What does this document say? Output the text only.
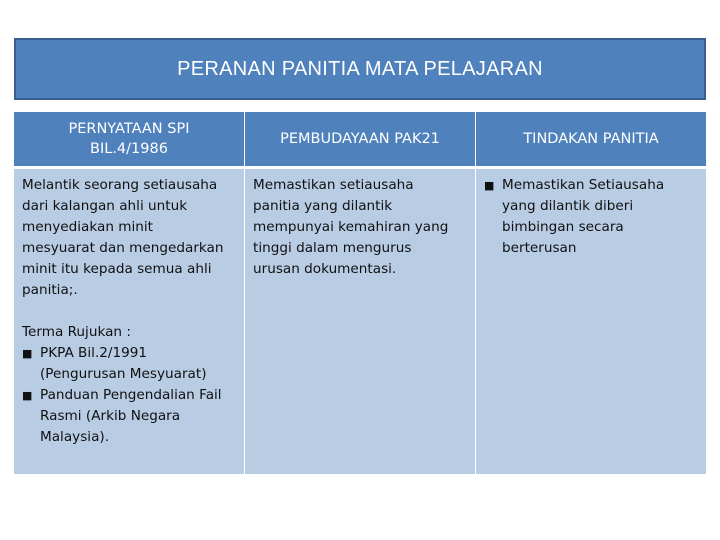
PERANAN PANITIA MATA PELAJARAN
PERNYATAAN SPI
BIL.4/1986
Melantik seorang setiausaha
dari kalangan ahli untuk
menyediakan minit
mesyuarat dan mengedarkan
minit itu kepada semua ahli
panitia;.
Terma Rujukan :
■ PKPA Bil.2/1991
(Pengurusan Mesyuarat)
■ Panduan Pengendalian Fail
Rasmi (Arkib Negara
Malaysia).
PEMBUDAYAAN PAK21
Memastikan setiausaha
panitia yang dilantik
mempunyai kemahiran yang
tinggi dalam mengurus
urusan dokumentasi.
TINDAKAN PANITIA
■ Memastikan Setiausaha
yang dilantik diberi
bimbingan secara
berterusan
